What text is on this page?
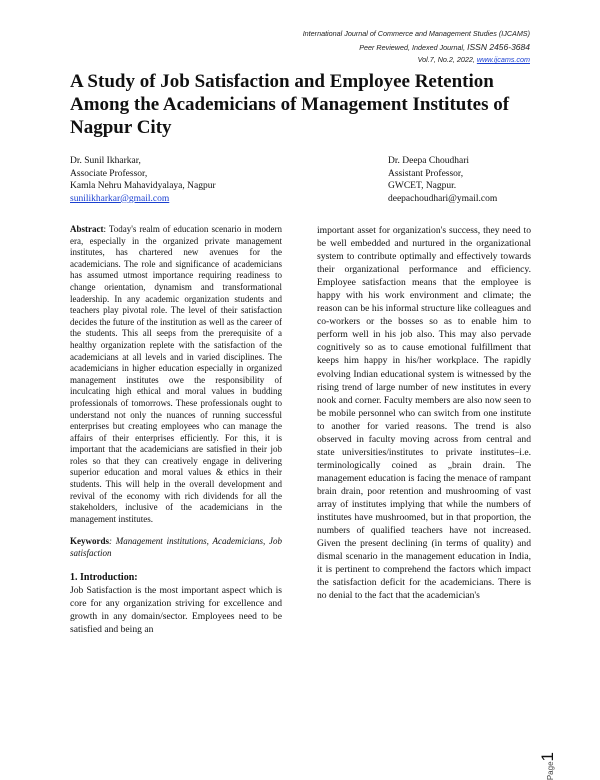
International Journal of Commerce and Management Studies (IJCAMS)
Peer Reviewed, Indexed Journal, ISSN 2456-3684
Vol.7, No.2, 2022, www.ijcams.com
A Study of Job Satisfaction and Employee Retention Among the Academicians of Management Institutes of Nagpur City
Dr. Sunil Ikharkar,
Associate Professor,
Kamla Nehru Mahavidyalaya, Nagpur
sunilikharkar@gmail.com
Dr. Deepa Choudhari
Assistant Professor,
GWCET, Nagpur.
deepachoudhari@ymail.com
Abstract: Today's realm of education scenario in modern era, especially in the organized private management institutes, has chartered new avenues for the academicians. The role and significance of academicians has assumed utmost importance requiring readiness to change orientation, dynamism and transformational leadership. In any academic organization students and teachers play pivotal role. The level of their satisfaction decides the future of the institution as well as the career of the students. This all seeps from the prerequisite of a healthy organization replete with the satisfaction of the academicians at all levels and in varied disciplines. The academicians in higher education especially in organized management institutes owe the responsibility of inculcating high ethical and moral values in budding professionals of tomorrows. These professionals ought to understand not only the nuances of running successful enterprises but creating employees who can manage the affairs of their enterprises efficiently. For this, it is important that the academicians are satisfied in their job roles so that they can creatively engage in delivering superior education and moral values & ethics in their students. This will help in the overall development and revival of the economy with rich dividends for all the stakeholders, inclusive of the academicians in the management institutes.
Keywords: Management institutions, Academicians, Job satisfaction
1. Introduction:
Job Satisfaction is the most important aspect which is core for any organization striving for excellence and growth in any domain/sector. Employees need to be satisfied and being an
important asset for organization's success, they need to be well embedded and nurtured in the organizational system to contribute optimally and effectively towards their organizational performance and efficiency. Employee satisfaction means that the employee is happy with his work environment and climate; the reason can be his informal structure like colleagues and co-workers or the bosses so as to enable him to perform well in his job also. This may also pervade cognitively so as to cause emotional fulfillment that keeps him happy in his/her workplace. The rapidly evolving Indian educational system is witnessed by the rising trend of large number of new institutes in every nook and corner. Faculty members are also now seen to be mobile personnel who can switch from one institute to another for varied reasons. The trend is also observed in faculty moving across from central and state universities/institutes to private institutes–i.e. terminologically coined as „brain drain. The management education is facing the menace of rampant brain drain, poor retention and mushrooming of vast array of institutes implying that while the numbers of institutes have mushroomed, but in that proportion, the numbers of qualified teachers have not increased. Given the present declining (in terms of quality) and dismal scenario in the management education in India, it is pertinent to comprehend the factors which impact the satisfaction deficit for the academicians. There is no denial to the fact that the academician's
Page1
